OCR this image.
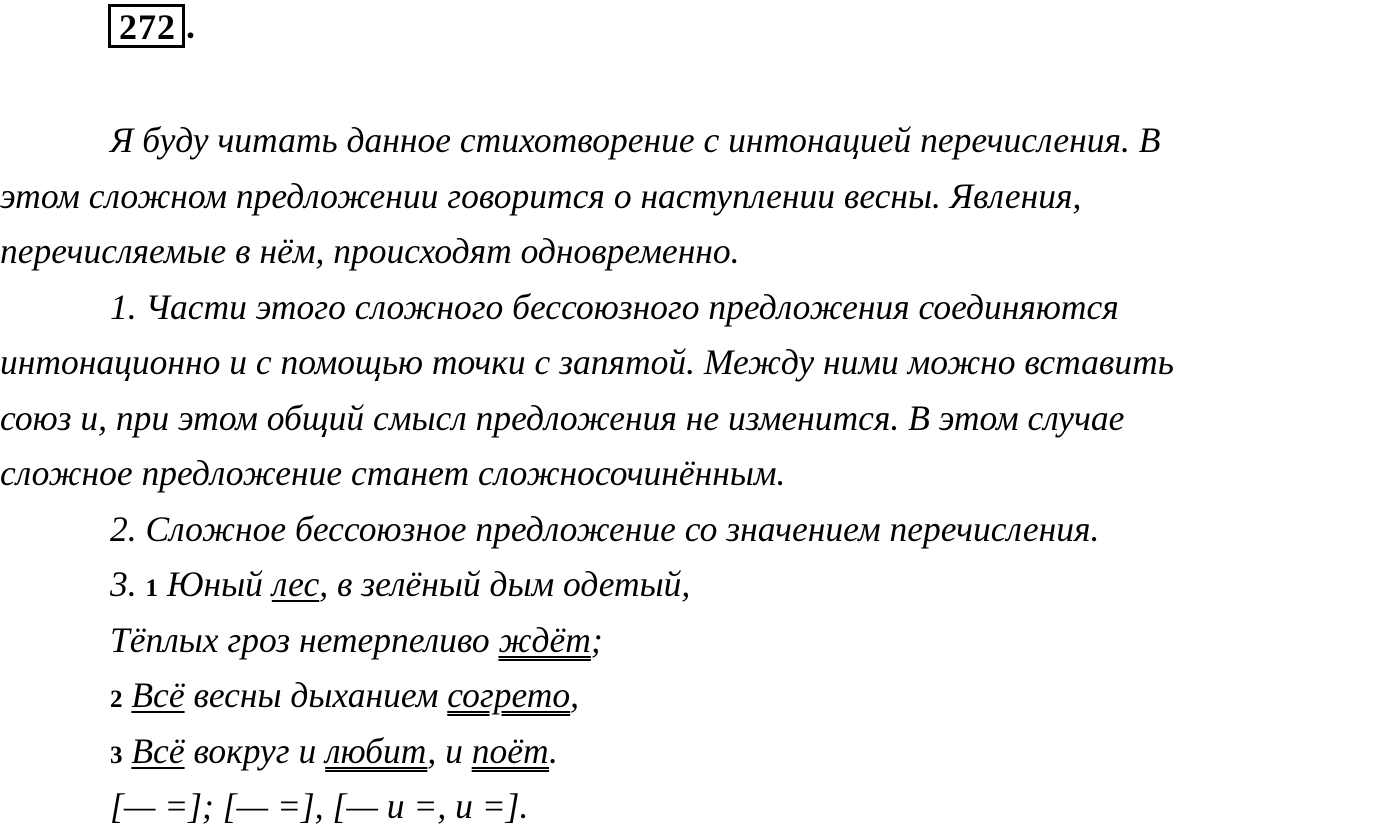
272 .
Я буду читать данное стихотворение с интонацией перечисления. В
этом сложном предложении говорится о наступлении весны. Явления,
перечисляемые в нём, происходят одновременно.
1. Части этого сложного бессоюзного предложения соединяются
интонационно и с помощью точки с запятой. Между ними можно вставить
союз и, при этом общий смысл предложения не изменится. В этом случае
сложное предложение станет сложносочинённым.
2. Сложное бессоюзное предложение со значением перечисления.
3. 1 Юный лес, в зелёный дым одетый,
Тёплых гроз нетерпеливо ждёт;
2 Всё весны дыханием согрето,
3 Всё вокруг и любит, и поёт.
[— =]; [— =], [— и =, и =].
